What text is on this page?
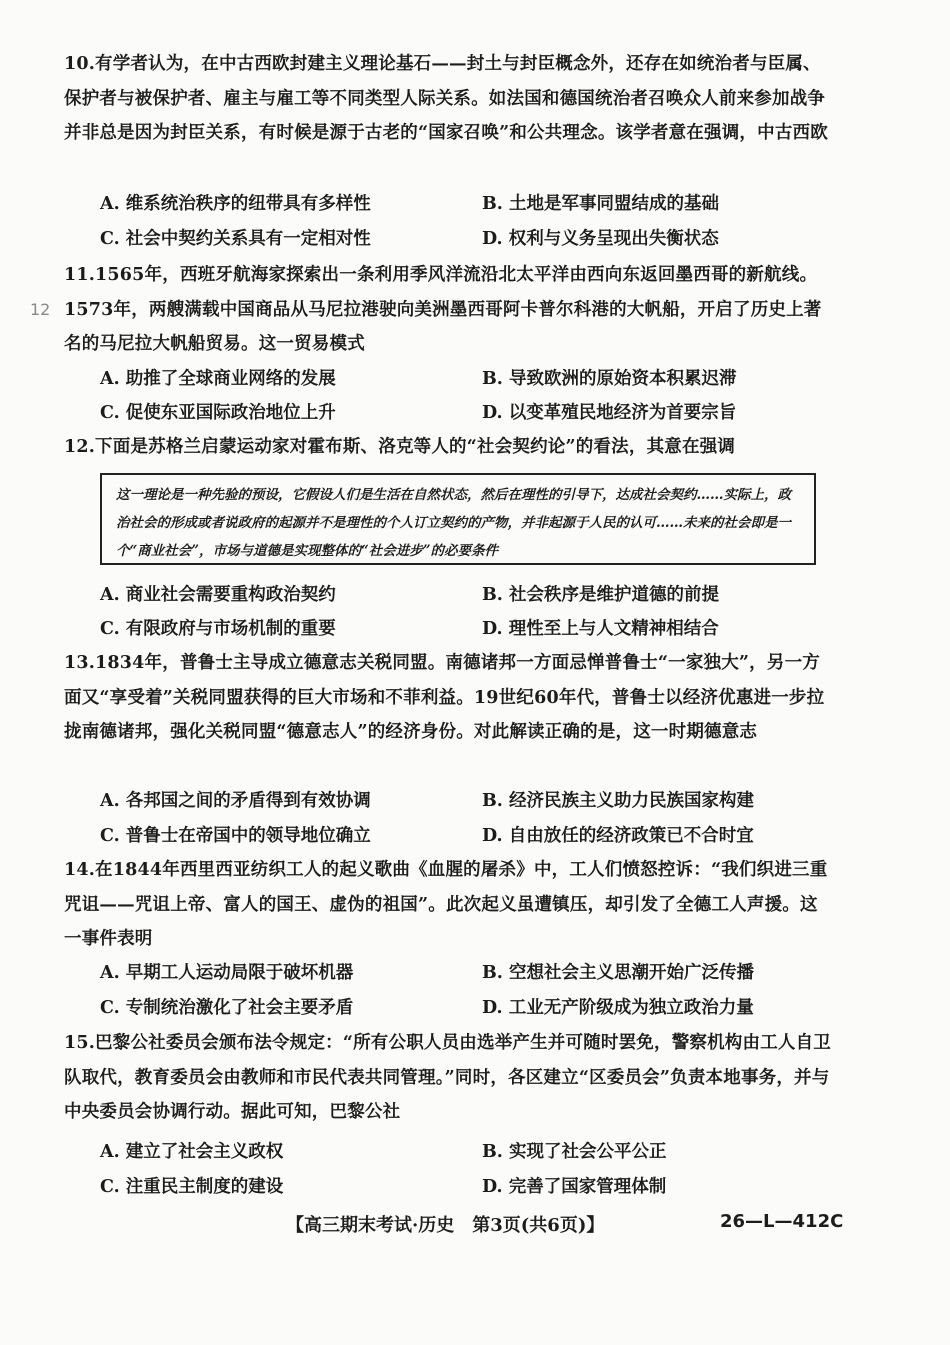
12
10.有学者认为，在中古西欧封建主义理论基石——封土与封臣概念外，还存在如统治者与臣属、保护者与被保护者、雇主与雇工等不同类型人际关系。如法国和德国统治者召唤众人前来参加战争并非总是因为封臣关系，有时候是源于古老的“国家召唤”和公共理念。该学者意在强调，中古西欧
A. 维系统治秩序的纽带具有多样性	B. 土地是军事同盟结成的基础
C. 社会中契约关系具有一定相对性	D. 权利与义务呈现出失衡状态
11.1565年，西班牙航海家探索出一条利用季风洋流沿北太平洋由西向东返回墨西哥的新航线。1573年，两艘满载中国商品从马尼拉港驶向美洲墨西哥阿卡普尔科港的大帆船，开启了历史上著名的马尼拉大帆船贸易。这一贸易模式
A. 助推了全球商业网络的发展	B. 导致欧洲的原始资本积累迟滞
C. 促使东亚国际政治地位上升	D. 以变革殖民地经济为首要宗旨
12.下面是苏格兰启蒙运动家对霍布斯、洛克等人的“社会契约论”的看法，其意在强调
这一理论是一种先验的预设，它假设人们是生活在自然状态，然后在理性的引导下，达成社会契约……实际上，政治社会的形成或者说政府的起源并不是理性的个人订立契约的产物，并非起源于人民的认可……未来的社会即是一个“商业社会”，市场与道德是实现整体的“社会进步”的必要条件
A. 商业社会需要重构政治契约	B. 社会秩序是维护道德的前提
C. 有限政府与市场机制的重要	D. 理性至上与人文精神相结合
13.1834年，普鲁士主导成立德意志关税同盟。南德诸邦一方面忌惮普鲁士“一家独大”，另一方面又“享受着”关税同盟获得的巨大市场和不菲利益。19世纪60年代，普鲁士以经济优惠进一步拉拢南德诸邦，强化关税同盟“德意志人”的经济身份。对此解读正确的是，这一时期德意志
A. 各邦国之间的矛盾得到有效协调	B. 经济民族主义助力民族国家构建
C. 普鲁士在帝国中的领导地位确立	D. 自由放任的经济政策已不合时宜
14.在1844年西里西亚纺织工人的起义歌曲《血腥的屠杀》中，工人们愤怒控诉：“我们织进三重咒诅——咒诅上帝、富人的国王、虚伪的祖国”。此次起义虽遭镇压，却引发了全德工人声援。这一事件表明
A. 早期工人运动局限于破坏机器	B. 空想社会主义思潮开始广泛传播
C. 专制统治激化了社会主要矛盾	D. 工业无产阶级成为独立政治力量
15.巴黎公社委员会颁布法令规定：“所有公职人员由选举产生并可随时罢免，警察机构由工人自卫队取代，教育委员会由教师和市民代表共同管理。”同时，各区建立“区委员会”负责本地事务，并与中央委员会协调行动。据此可知，巴黎公社
A. 建立了社会主义政权	B. 实现了社会公平公正
C. 注重民主制度的建设	D. 完善了国家管理体制
【高三期末考试·历史　第3页(共6页)】	26—L—412C
